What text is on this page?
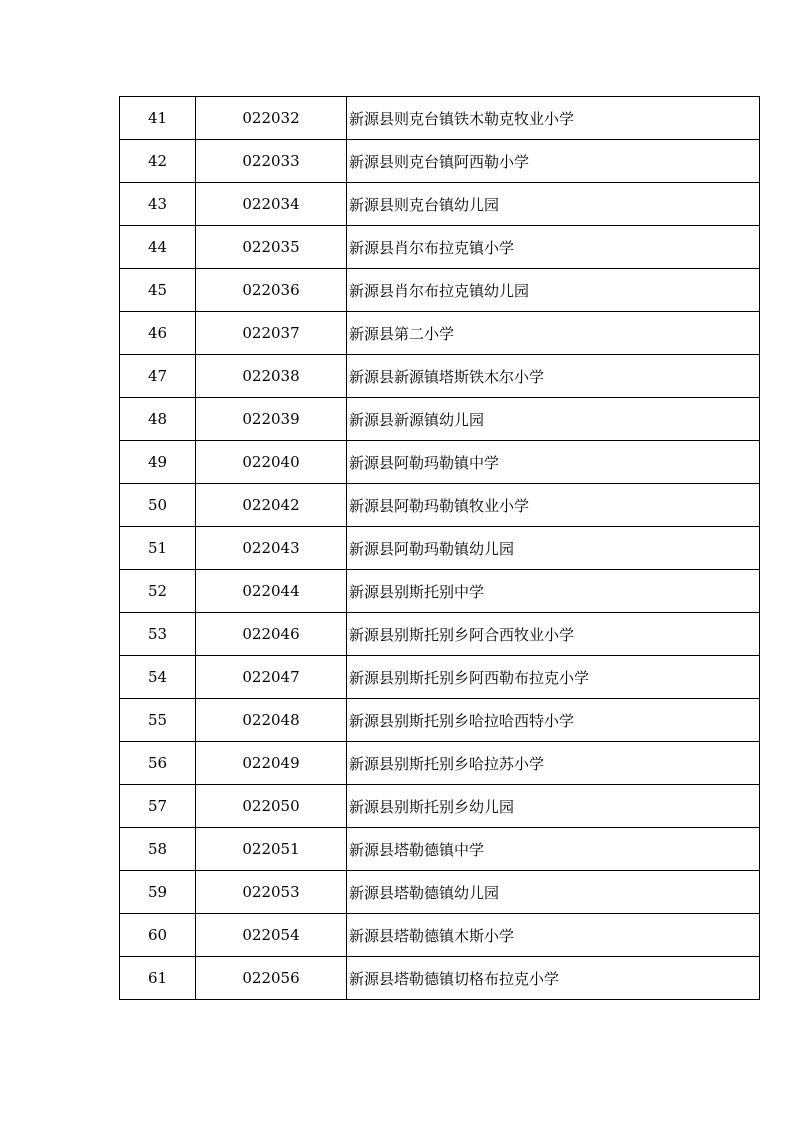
41	022032	新源县则克台镇铁木勒克牧业小学
42	022033	新源县则克台镇阿西勒小学
43	022034	新源县则克台镇幼儿园
44	022035	新源县肖尔布拉克镇小学
45	022036	新源县肖尔布拉克镇幼儿园
46	022037	新源县第二小学
47	022038	新源县新源镇塔斯铁木尔小学
48	022039	新源县新源镇幼儿园
49	022040	新源县阿勒玛勒镇中学
50	022042	新源县阿勒玛勒镇牧业小学
51	022043	新源县阿勒玛勒镇幼儿园
52	022044	新源县别斯托别中学
53	022046	新源县别斯托别乡阿合西牧业小学
54	022047	新源县别斯托别乡阿西勒布拉克小学
55	022048	新源县别斯托别乡哈拉哈西特小学
56	022049	新源县别斯托别乡哈拉苏小学
57	022050	新源县别斯托别乡幼儿园
58	022051	新源县塔勒德镇中学
59	022053	新源县塔勒德镇幼儿园
60	022054	新源县塔勒德镇木斯小学
61	022056	新源县塔勒德镇切格布拉克小学
